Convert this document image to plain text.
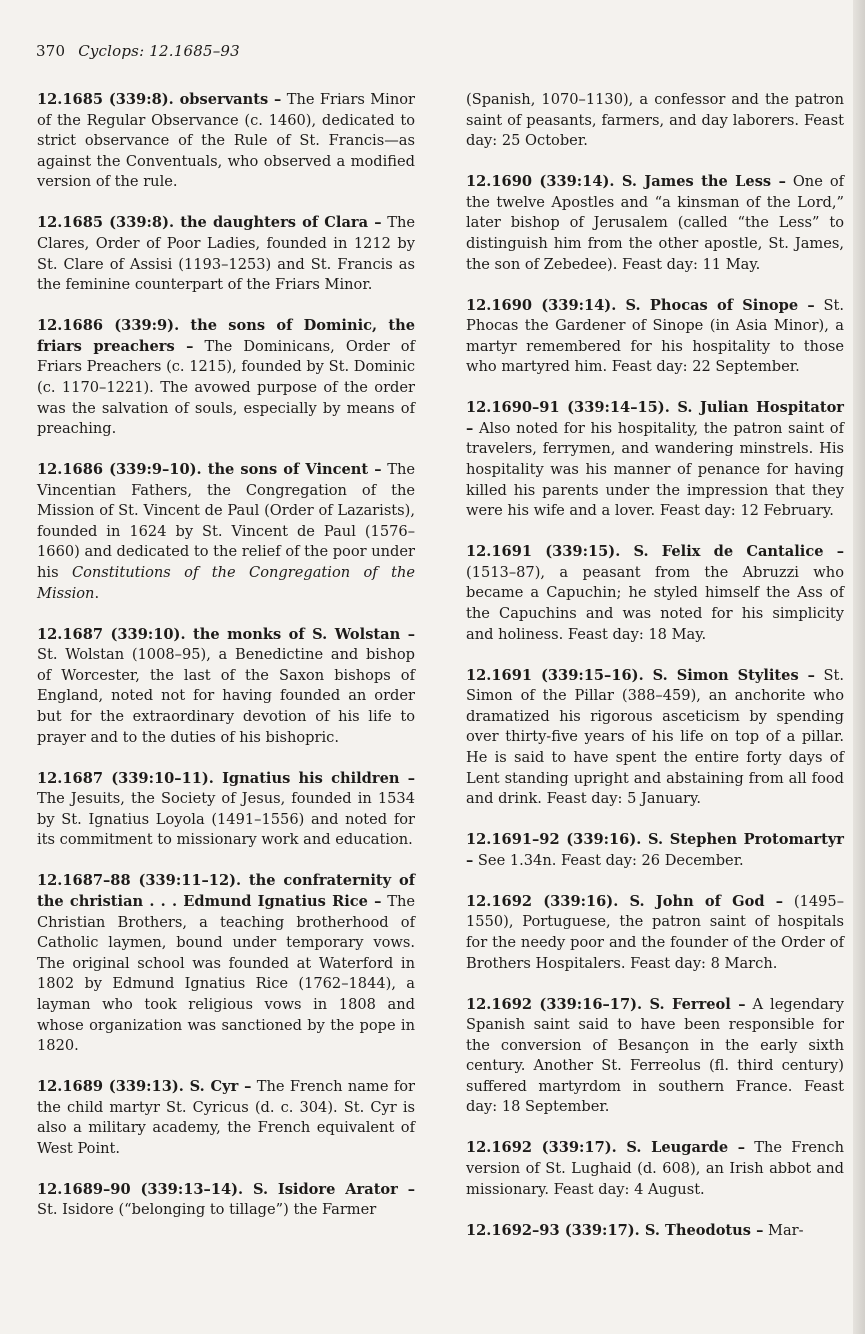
370 Cyclops: 12.1685–93

12.1685 (339:8). observants – The Friars Minor of the Regular Observance (c. 1460), dedicated to strict observance of the Rule of St. Francis—as against the Conventuals, who observed a modified version of the rule.

12.1685 (339:8). the daughters of Clara – The Clares, Order of Poor Ladies, founded in 1212 by St. Clare of Assisi (1193–1253) and St. Francis as the feminine counterpart of the Friars Minor.

12.1686 (339:9). the sons of Dominic, the friars preachers – The Dominicans, Order of Friars Preachers (c. 1215), founded by St. Dominic (c. 1170–1221). The avowed purpose of the order was the salvation of souls, especially by means of preaching.

12.1686 (339:9–10). the sons of Vincent – The Vincentian Fathers, the Congregation of the Mission of St. Vincent de Paul (Order of Lazarists), founded in 1624 by St. Vincent de Paul (1576–1660) and dedicated to the relief of the poor under his Constitutions of the Congregation of the Mission.

12.1687 (339:10). the monks of S. Wolstan – St. Wolstan (1008–95), a Benedictine and bishop of Worcester, the last of the Saxon bishops of England, noted not for having founded an order but for the extraordinary devotion of his life to prayer and to the duties of his bishopric.

12.1687 (339:10–11). Ignatius his children – The Jesuits, the Society of Jesus, founded in 1534 by St. Ignatius Loyola (1491–1556) and noted for its commitment to missionary work and education.

12.1687–88 (339:11–12). the confraternity of the christian . . . Edmund Ignatius Rice – The Christian Brothers, a teaching brotherhood of Catholic laymen, bound under temporary vows. The original school was founded at Waterford in 1802 by Edmund Ignatius Rice (1762–1844), a layman who took religious vows in 1808 and whose organization was sanctioned by the pope in 1820.

12.1689 (339:13). S. Cyr – The French name for the child martyr St. Cyricus (d. c. 304). St. Cyr is also a military academy, the French equivalent of West Point.

12.1689–90 (339:13–14). S. Isidore Arator – St. Isidore (“belonging to tillage”) the Farmer

(Spanish, 1070–1130), a confessor and the patron saint of peasants, farmers, and day laborers. Feast day: 25 October.

12.1690 (339:14). S. James the Less – One of the twelve Apostles and “a kinsman of the Lord,” later bishop of Jerusalem (called “the Less” to distinguish him from the other apostle, St. James, the son of Zebedee). Feast day: 11 May.

12.1690 (339:14). S. Phocas of Sinope – St. Phocas the Gardener of Sinope (in Asia Minor), a martyr remembered for his hospitality to those who martyred him. Feast day: 22 September.

12.1690–91 (339:14–15). S. Julian Hospitator – Also noted for his hospitality, the patron saint of travelers, ferrymen, and wandering minstrels. His hospitality was his manner of penance for having killed his parents under the impression that they were his wife and a lover. Feast day: 12 February.

12.1691 (339:15). S. Felix de Cantalice – (1513–87), a peasant from the Abruzzi who became a Capuchin; he styled himself the Ass of the Capuchins and was noted for his simplicity and holiness. Feast day: 18 May.

12.1691 (339:15–16). S. Simon Stylites – St. Simon of the Pillar (388–459), an anchorite who dramatized his rigorous asceticism by spending over thirty-five years of his life on top of a pillar. He is said to have spent the entire forty days of Lent standing upright and abstaining from all food and drink. Feast day: 5 January.

12.1691–92 (339:16). S. Stephen Protomartyr – See 1.34n. Feast day: 26 December.

12.1692 (339:16). S. John of God – (1495–1550), Portuguese, the patron saint of hospitals for the needy poor and the founder of the Order of Brothers Hospitalers. Feast day: 8 March.

12.1692 (339:16–17). S. Ferreol – A legendary Spanish saint said to have been responsible for the conversion of Besançon in the early sixth century. Another St. Ferreolus (fl. third century) suffered martyrdom in southern France. Feast day: 18 September.

12.1692 (339:17). S. Leugarde – The French version of St. Lughaid (d. 608), an Irish abbot and missionary. Feast day: 4 August.

12.1692–93 (339:17). S. Theodotus – Mar-
